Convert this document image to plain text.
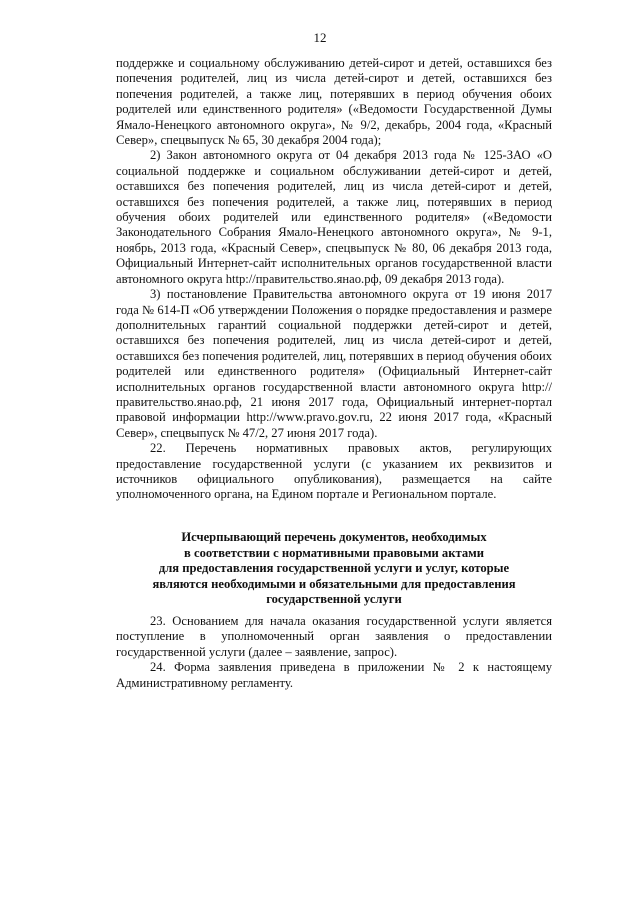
12

поддержке и социальному обслуживанию детей-сирот и детей, оставшихся без попечения родителей, лиц из числа детей-сирот и детей, оставшихся без попечения родителей, а также лиц, потерявших в период обучения обоих родителей или единственного родителя» («Ведомости Государственной Думы Ямало-Ненецкого автономного округа», № 9/2, декабрь, 2004 года, «Красный Север», спецвыпуск № 65, 30 декабря 2004 года);

2) Закон автономного округа от 04 декабря 2013 года № 125-ЗАО «О социальной поддержке и социальном обслуживании детей-сирот и детей, оставшихся без попечения родителей, лиц из числа детей-сирот и детей, оставшихся без попечения родителей, а также лиц, потерявших в период обучения обоих родителей или единственного родителя» («Ведомости Законодательного Собрания Ямало-Ненецкого автономного округа», № 9-1, ноябрь, 2013 года, «Красный Север», спецвыпуск № 80, 06 декабря 2013 года, Официальный Интернет-сайт исполнительных органов государственной власти автономного округа http://правительство.янао.рф, 09 декабря 2013 года).

3) постановление Правительства автономного округа от 19 июня 2017 года № 614-П «Об утверждении Положения о порядке предоставления и размере дополнительных гарантий социальной поддержки детей-сирот и детей, оставшихся без попечения родителей, лиц из числа детей-сирот и детей, оставшихся без попечения родителей, лиц, потерявших в период обучения обоих родителей или единственного родителя» (Официальный Интернет-сайт исполнительных органов государственной власти автономного округа http://правительство.янао.рф, 21 июня 2017 года, Официальный интернет-портал правовой информации http://www.pravo.gov.ru, 22 июня 2017 года, «Красный Север», спецвыпуск № 47/2, 27 июня 2017 года).

22. Перечень нормативных правовых актов, регулирующих предоставление государственной услуги (с указанием их реквизитов и источников официального опубликования), размещается на сайте уполномоченного органа, на Едином портале и Региональном портале.

Исчерпывающий перечень документов, необходимых
в соответствии с нормативными правовыми актами
для предоставления государственной услуги и услуг, которые
являются необходимыми и обязательными для предоставления
государственной услуги

23. Основанием для начала оказания государственной услуги является поступление в уполномоченный орган заявления о предоставлении государственной услуги (далее – заявление, запрос).

24. Форма заявления приведена в приложении № 2 к настоящему Административному регламенту.
